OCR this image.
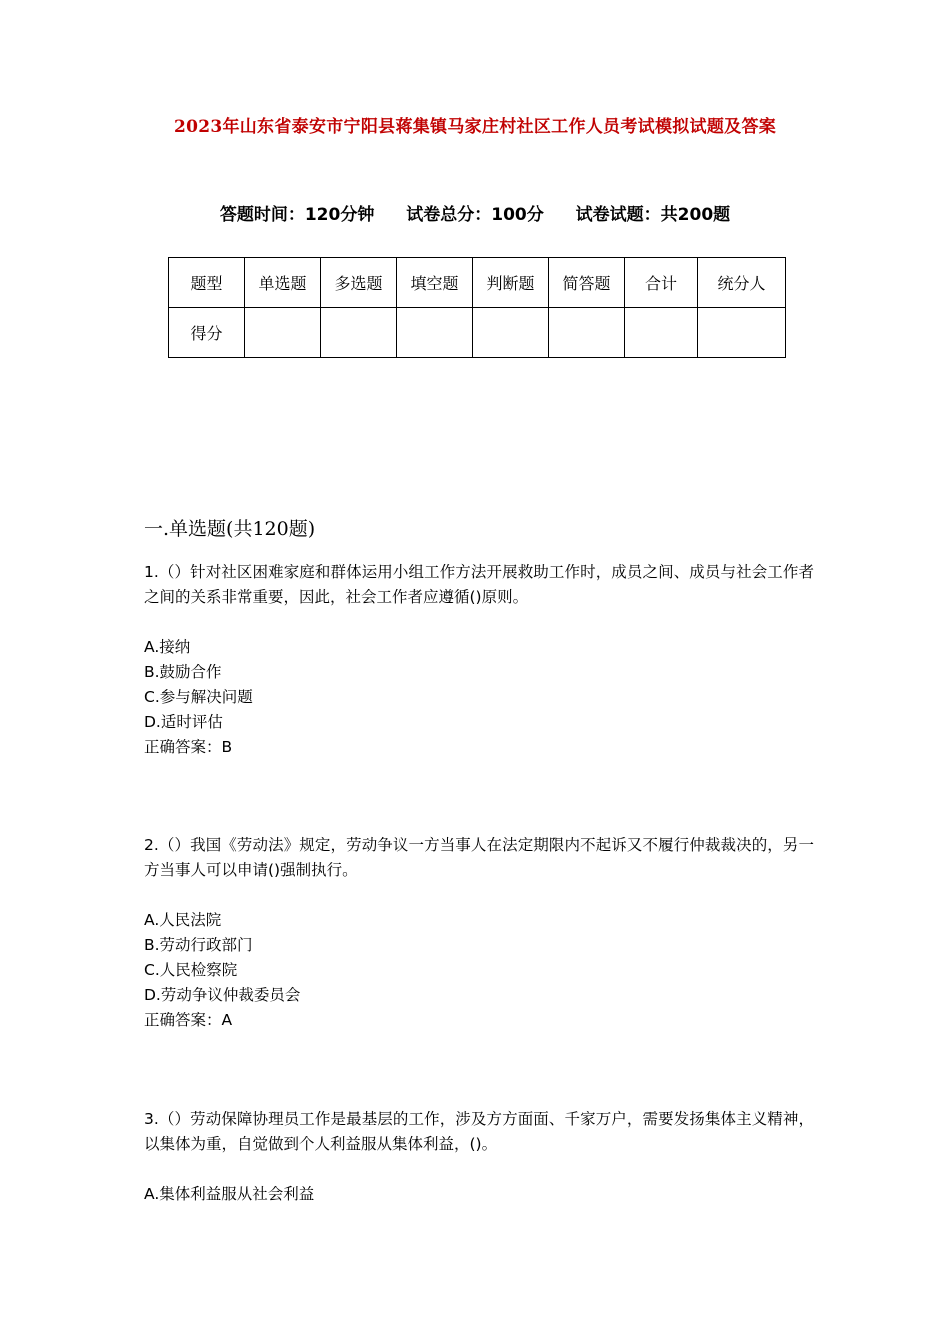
2023年山东省泰安市宁阳县蒋集镇马家庄村社区工作人员考试模拟试题及答案
答题时间：120分钟 试卷总分：100分 试卷试题：共200题
题型	单选题	多选题	填空题	判断题	简答题	合计	统分人
得分							
一.单选题(共120题)

1.（）针对社区困难家庭和群体运用小组工作方法开展救助工作时，成员之间、成员与社会工作者之间的关系非常重要，因此，社会工作者应遵循()原则。

A.接纳

B.鼓励合作

C.参与解决问题

D.适时评估

正确答案：B

2.（）我国《劳动法》规定，劳动争议一方当事人在法定期限内不起诉又不履行仲裁裁决的，另一方当事人可以申请()强制执行。

A.人民法院

B.劳动行政部门

C.人民检察院

D.劳动争议仲裁委员会

正确答案：A

3.（）劳动保障协理员工作是最基层的工作，涉及方方面面、千家万户，需要发扬集体主义精神，以集体为重，自觉做到个人利益服从集体利益，()。

A.集体利益服从社会利益
